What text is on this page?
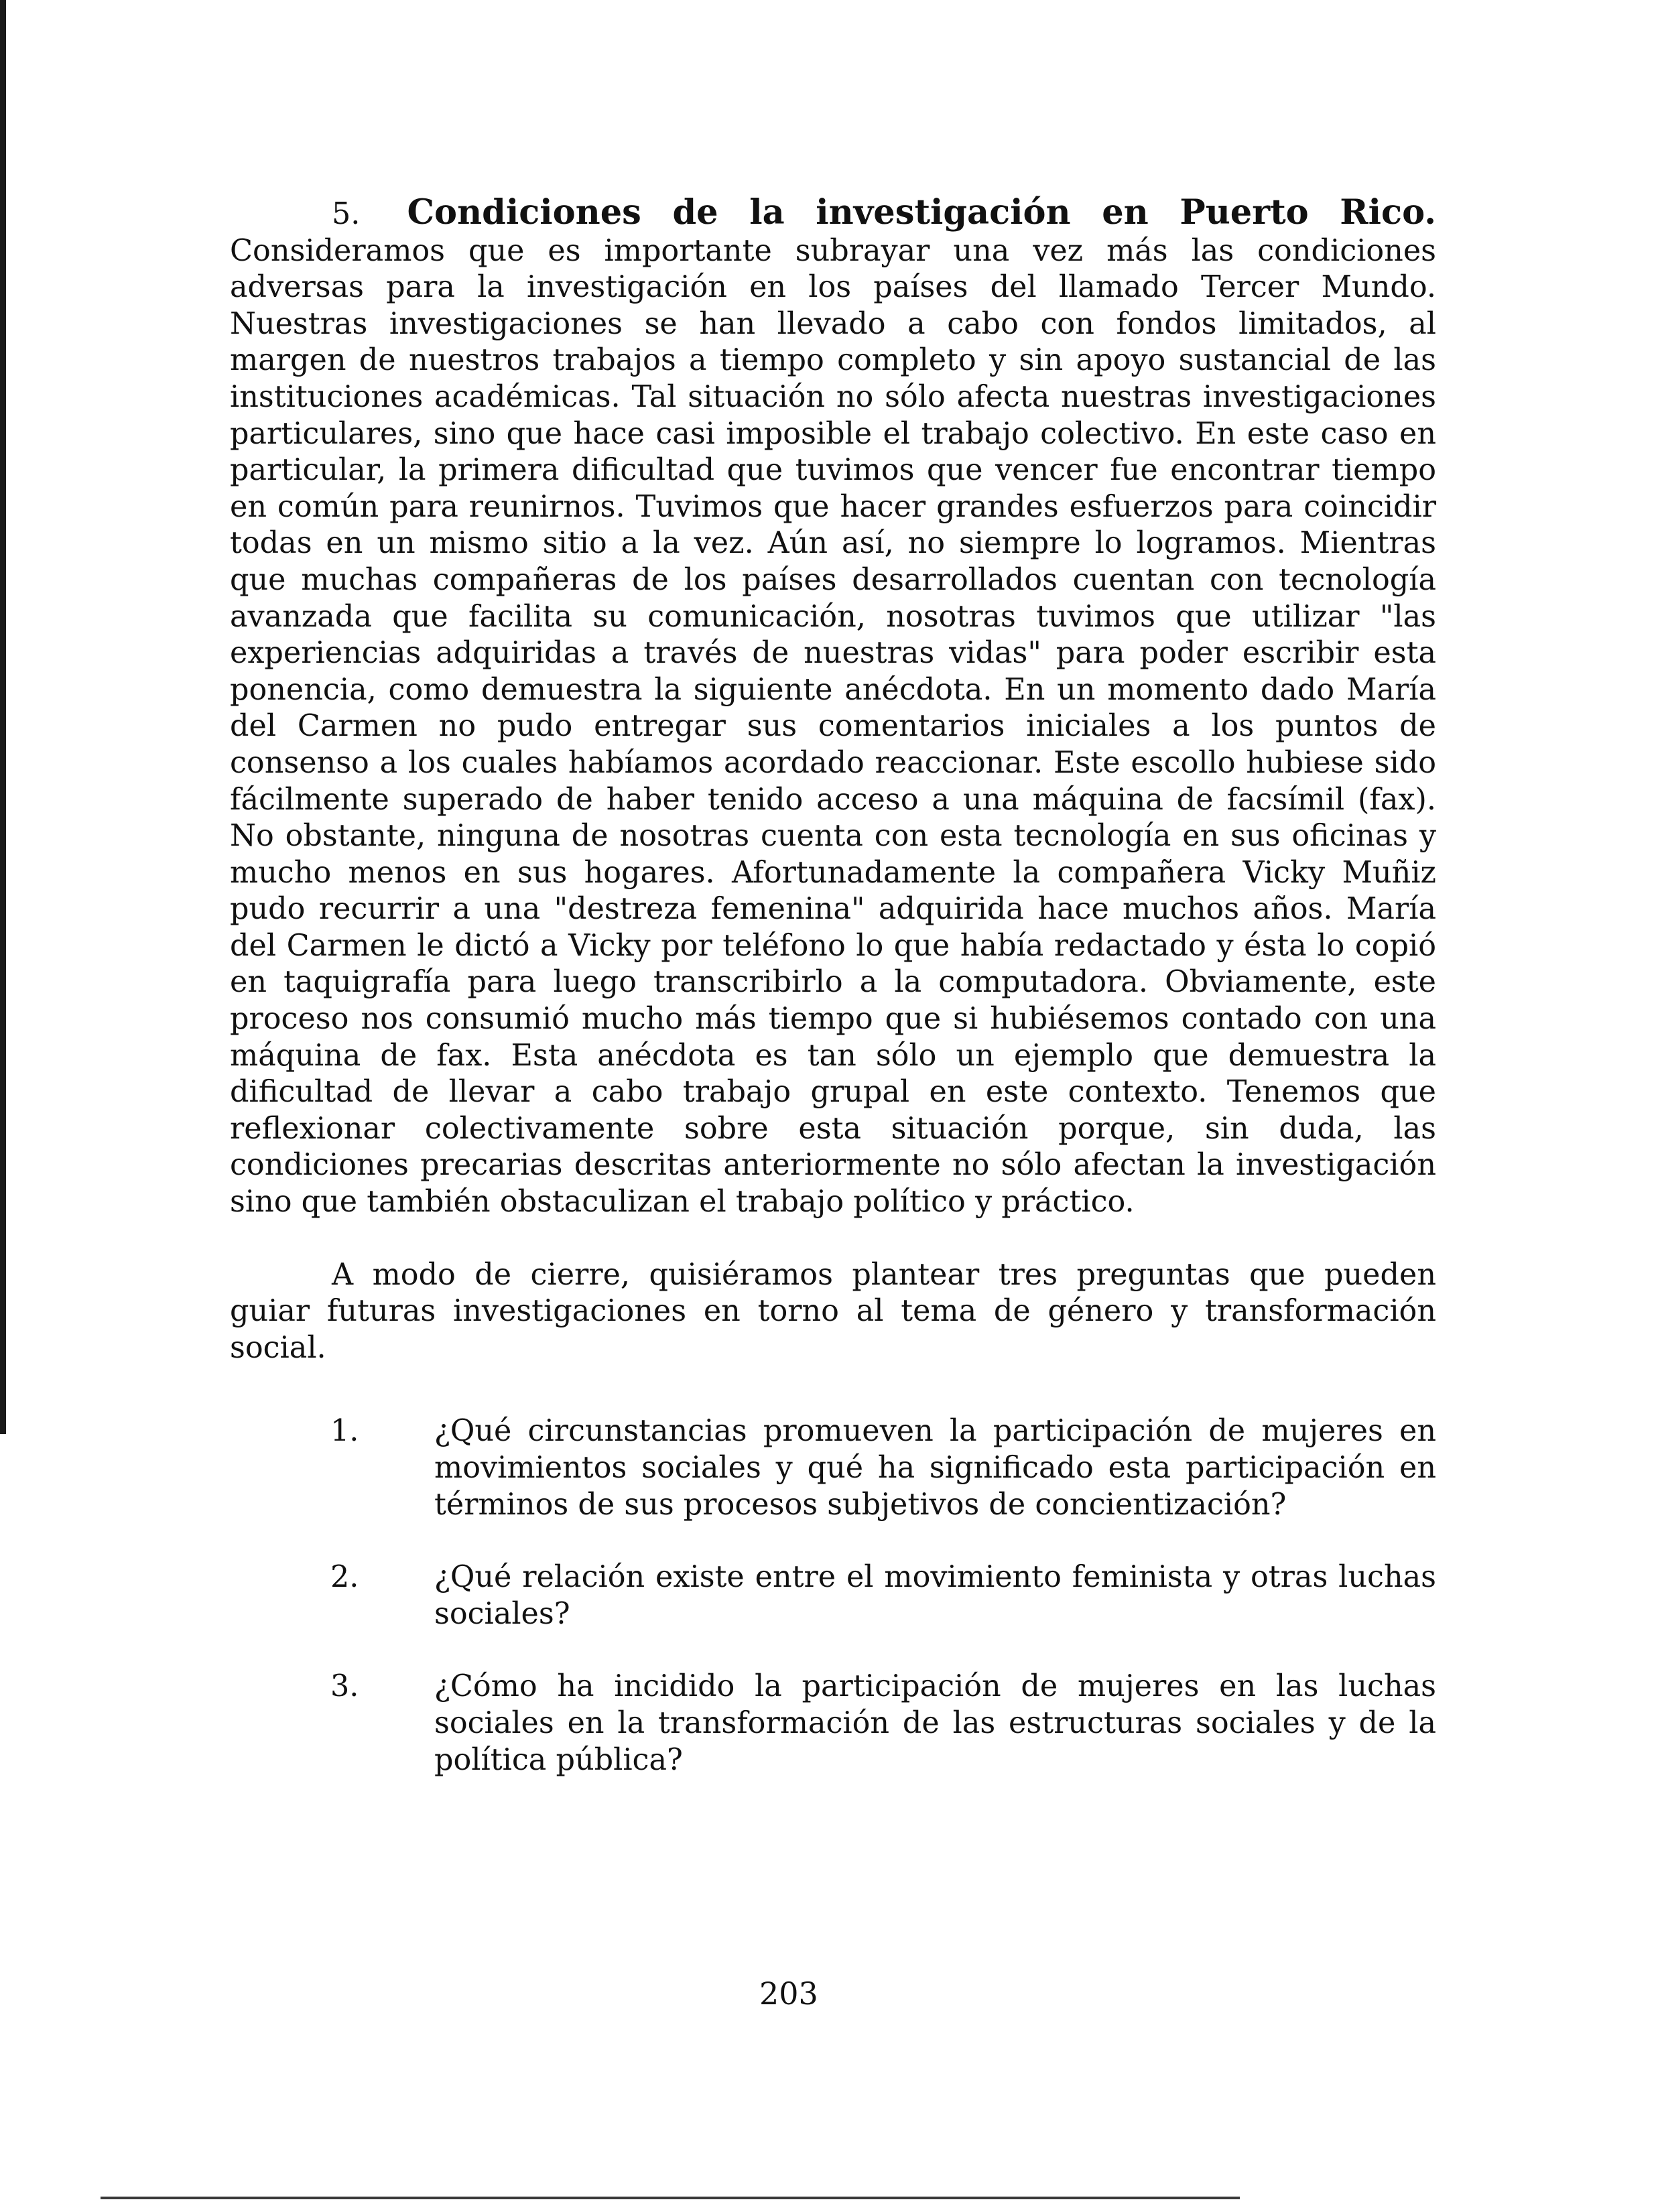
5. Condiciones de la investigación en Puerto Rico. Consideramos que es importante subrayar una vez más las condiciones adversas para la investigación en los países del llamado Tercer Mundo. Nuestras investigaciones se han llevado a cabo con fondos limitados, al margen de nuestros trabajos a tiempo completo y sin apoyo sustancial de las instituciones académicas. Tal situación no sólo afecta nuestras investigaciones particulares, sino que hace casi imposible el trabajo colectivo. En este caso en particular, la primera dificultad que tuvimos que vencer fue encontrar tiempo en común para reunirnos. Tuvimos que hacer grandes esfuerzos para coincidir todas en un mismo sitio a la vez. Aún así, no siempre lo logramos. Mientras que muchas compañeras de los países desarrollados cuentan con tecnología avanzada que facilita su comunicación, nosotras tuvimos que utilizar "las experiencias adquiridas a través de nuestras vidas" para poder escribir esta ponencia, como demuestra la siguiente anécdota. En un momento dado María del Carmen no pudo entregar sus comentarios iniciales a los puntos de consenso a los cuales habíamos acordado reaccionar. Este escollo hubiese sido fácilmente superado de haber tenido acceso a una máquina de facsímil (fax). No obstante, ninguna de nosotras cuenta con esta tecnología en sus oficinas y mucho menos en sus hogares. Afortunadamente la compañera Vicky Muñiz pudo recurrir a una "destreza femenina" adquirida hace muchos años. María del Carmen le dictó a Vicky por teléfono lo que había redactado y ésta lo copió en taquigrafía para luego transcribirlo a la computadora. Obviamente, este proceso nos consumió mucho más tiempo que si hubiésemos contado con una máquina de fax. Esta anécdota es tan sólo un ejemplo que demuestra la dificultad de llevar a cabo trabajo grupal en este contexto. Tenemos que reflexionar colectivamente sobre esta situación porque, sin duda, las condiciones precarias descritas anteriormente no sólo afectan la investigación sino que también obstaculizan el trabajo político y práctico.

A modo de cierre, quisiéramos plantear tres preguntas que pueden guiar futuras investigaciones en torno al tema de género y transformación social.

1.	¿Qué circunstancias promueven la participación de mujeres en movimientos sociales y qué ha significado esta participación en términos de sus procesos subjetivos de concientización?
2.	¿Qué relación existe entre el movimiento feminista y otras luchas sociales?
3.	¿Cómo ha incidido la participación de mujeres en las luchas sociales en la transformación de las estructuras sociales y de la política pública?
203
